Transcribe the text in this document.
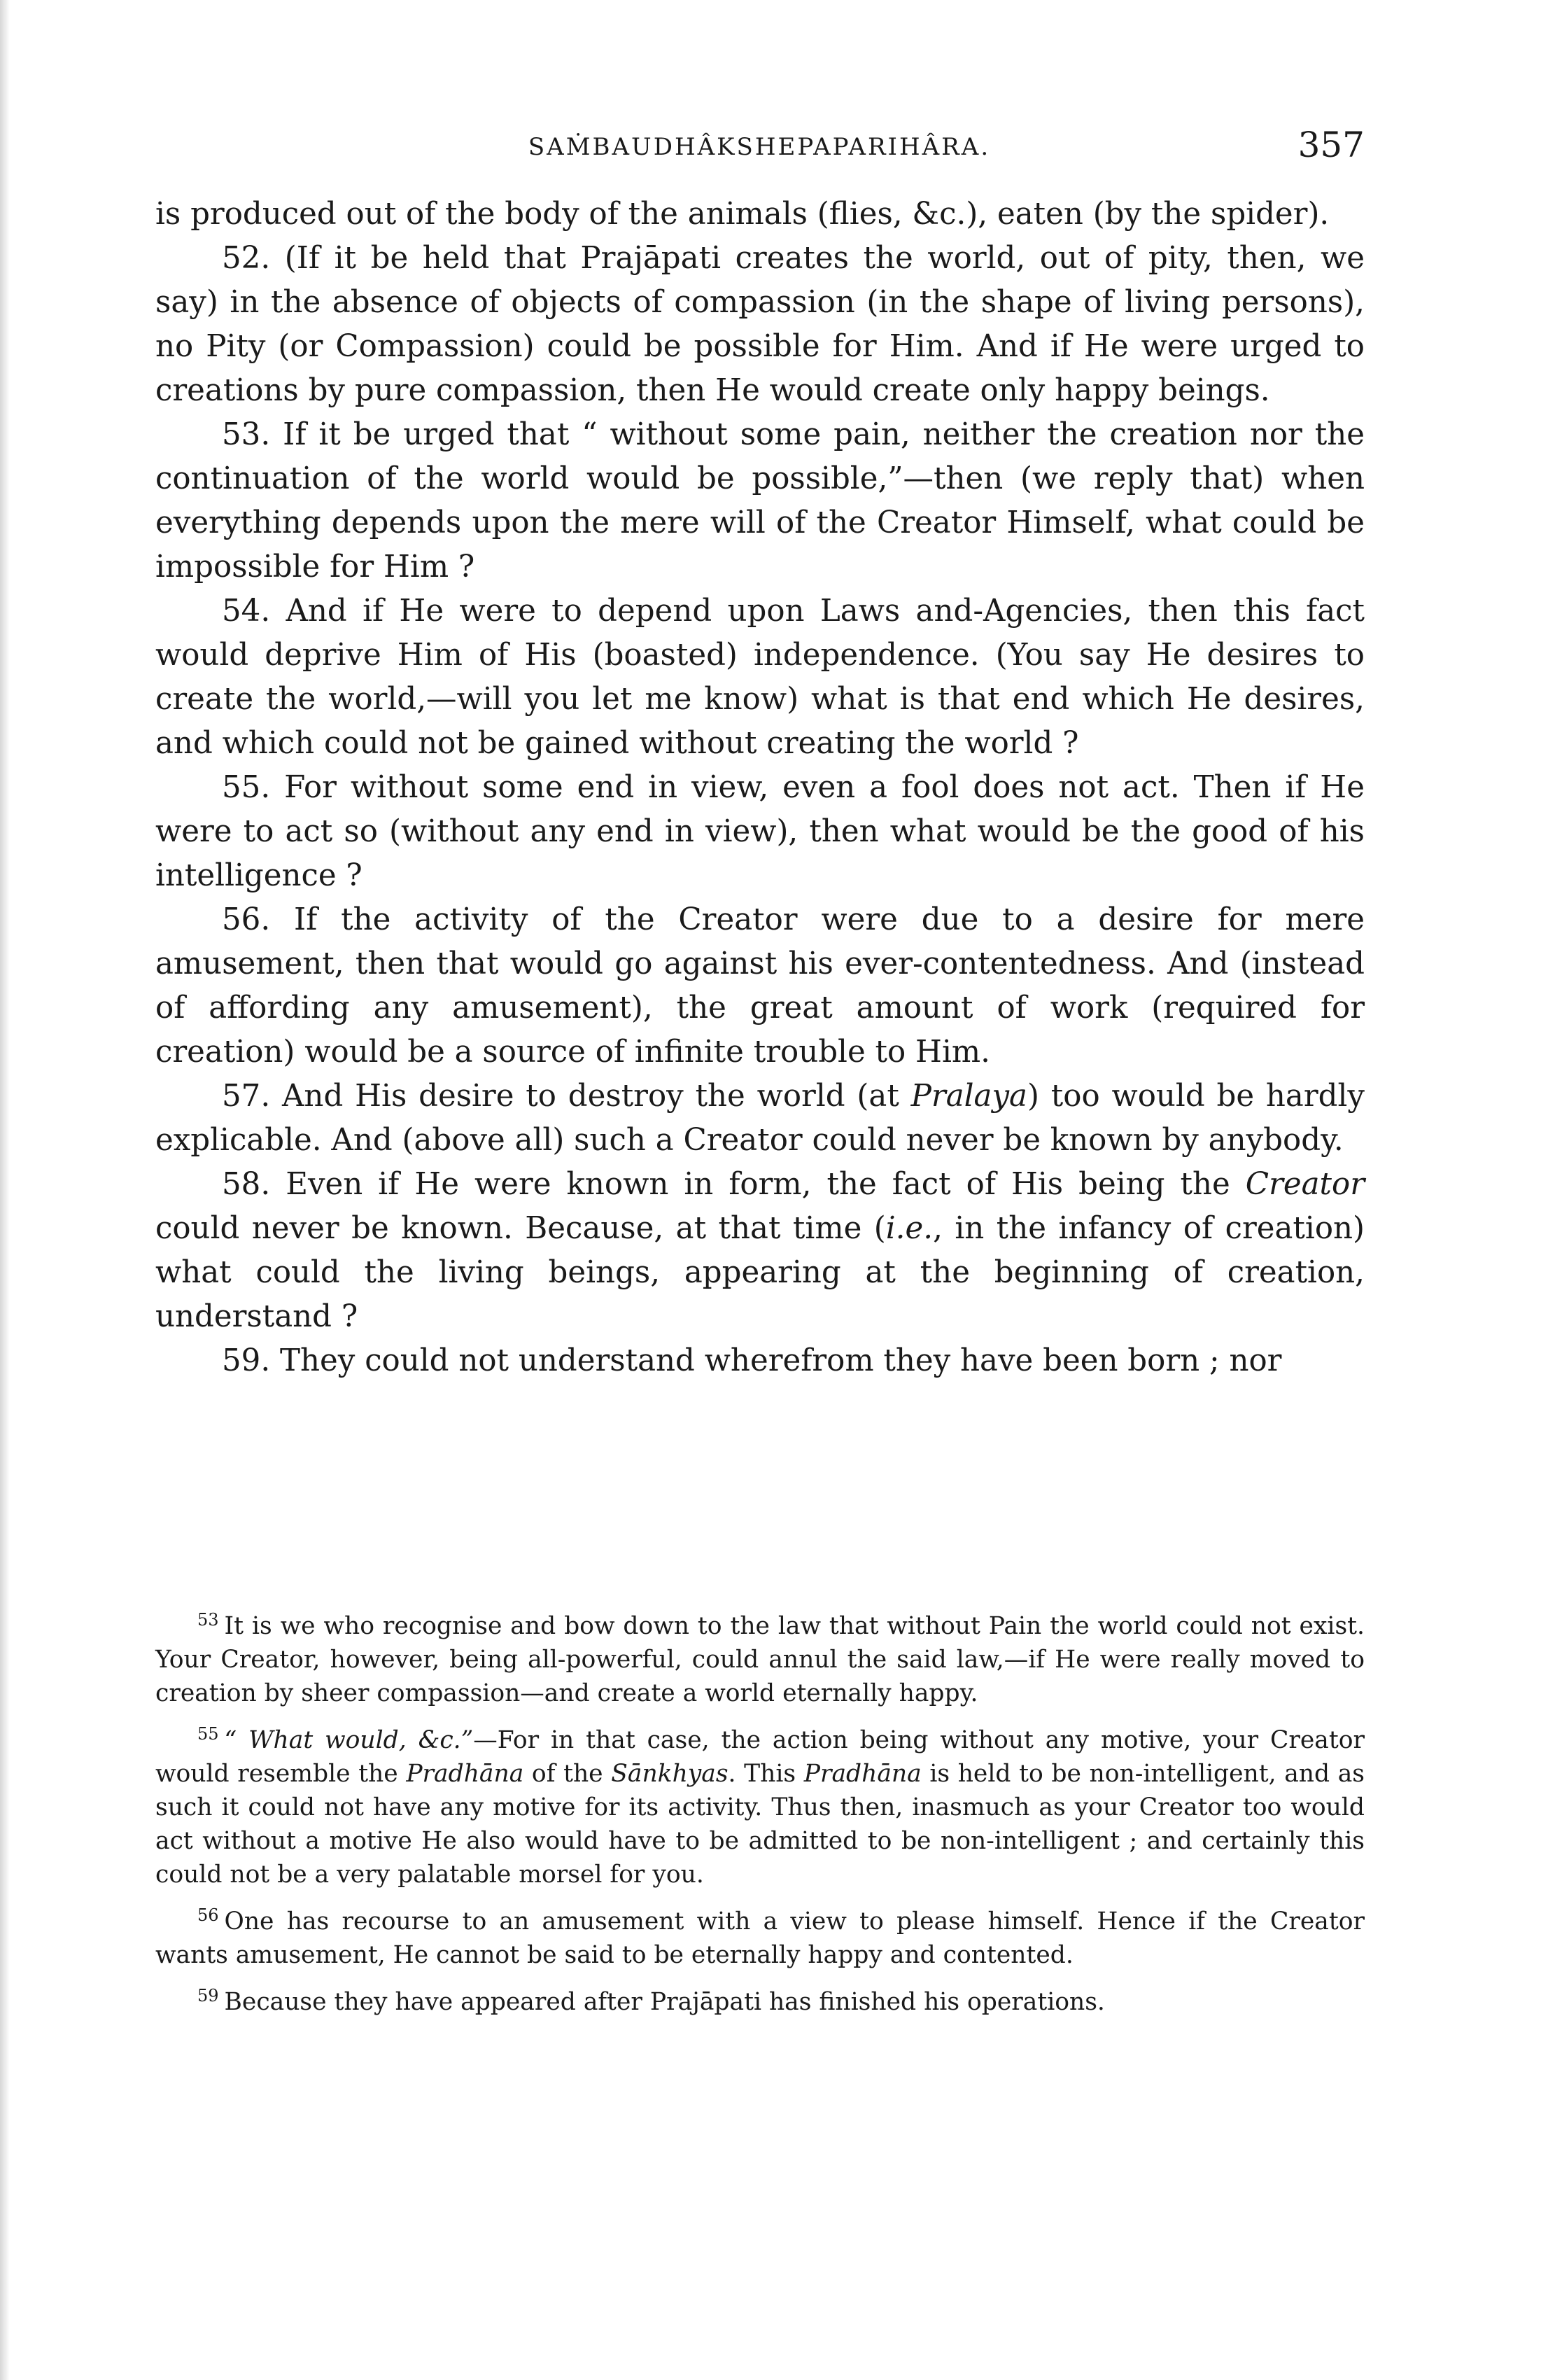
SAṀBAUDHÂKSHEPAPARIHÂRA.	357

is produced out of the body of the animals (flies, &c.), eaten (by the spider).

52. (If it be held that Prajāpati creates the world, out of pity, then, we say) in the absence of objects of compassion (in the shape of living persons), no Pity (or Compassion) could be possible for Him. And if He were urged to creations by pure compassion, then He would create only happy beings.

53. If it be urged that “ without some pain, neither the creation nor the continuation of the world would be possible,”—then (we reply that) when everything depends upon the mere will of the Creator Himself, what could be impossible for Him ?

54. And if He were to depend upon Laws and-Agencies, then this fact would deprive Him of His (boasted) independence. (You say He desires to create the world,—will you let me know) what is that end which He desires, and which could not be gained without creating the world ?

55. For without some end in view, even a fool does not act. Then if He were to act so (without any end in view), then what would be the good of his intelligence ?

56. If the activity of the Creator were due to a desire for mere amusement, then that would go against his ever-contentedness. And (instead of affording any amusement), the great amount of work (required for creation) would be a source of infinite trouble to Him.

57. And His desire to destroy the world (at Pralaya) too would be hardly explicable. And (above all) such a Creator could never be known by anybody.

58. Even if He were known in form, the fact of His being the Creator could never be known. Because, at that time (i.e., in the infancy of creation) what could the living beings, appearing at the beginning of creation, understand ?

59. They could not understand wherefrom they have been born ; nor

$^{53}$ It is we who recognise and bow down to the law that without Pain the world could not exist. Your Creator, however, being all-powerful, could annul the said law,—if He were really moved to creation by sheer compassion—and create a world eternally happy.

$^{55}$ “ What would, &c.”—For in that case, the action being without any motive, your Creator would resemble the Pradhāna of the Sānkhyas. This Pradhāna is held to be non-intelligent, and as such it could not have any motive for its activity. Thus then, inasmuch as your Creator too would act without a motive He also would have to be admitted to be non-intelligent ; and certainly this could not be a very palatable morsel for you.

$^{56}$ One has recourse to an amusement with a view to please himself. Hence if the Creator wants amusement, He cannot be said to be eternally happy and contented.

$^{59}$ Because they have appeared after Prajāpati has finished his operations.
